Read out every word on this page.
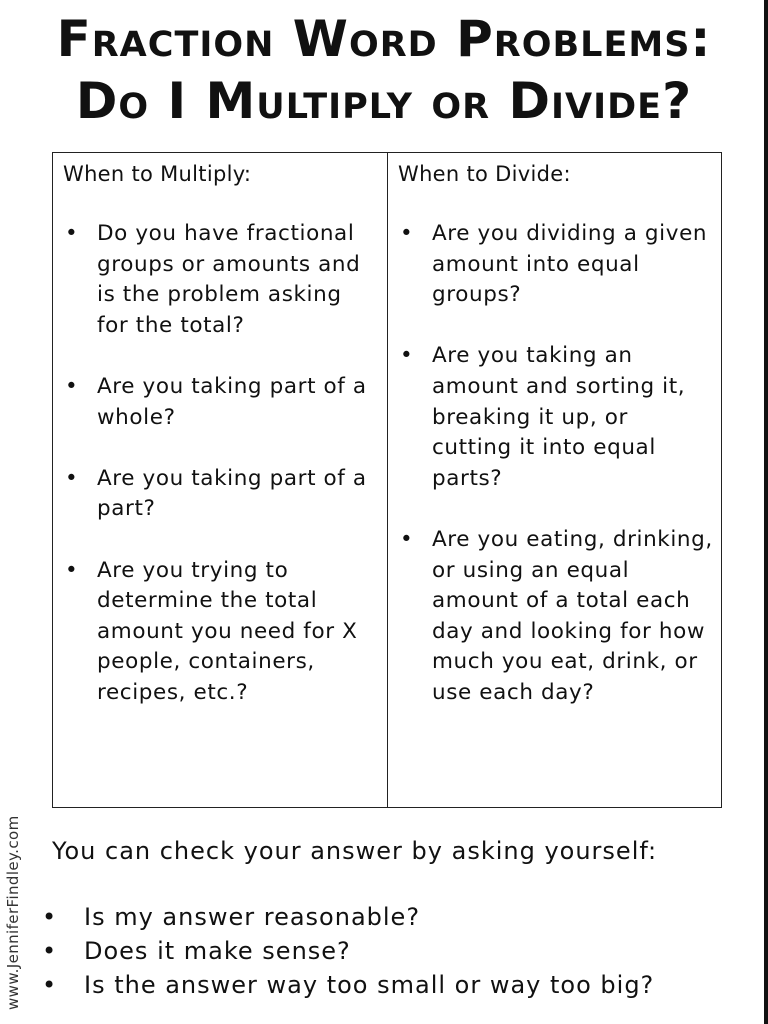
Fraction Word Problems:
Do I Multiply or Divide?
When to Multiply:
• Do you have fractional groups or amounts and is the problem asking for the total?
• Are you taking part of a whole?
• Are you taking part of a part?
• Are you trying to determine the total amount you need for X people, containers, recipes, etc.?
When to Divide:
• Are you dividing a given amount into equal groups?
• Are you taking an amount and sorting it, breaking it up, or cutting it into equal parts?
• Are you eating, drinking, or using an equal amount of a total each day and looking for how much you eat, drink, or use each day?

You can check your answer by asking yourself:

• Is my answer reasonable?
• Does it make sense?
• Is the answer way too small or way too big?
www.JenniferFindley.com
